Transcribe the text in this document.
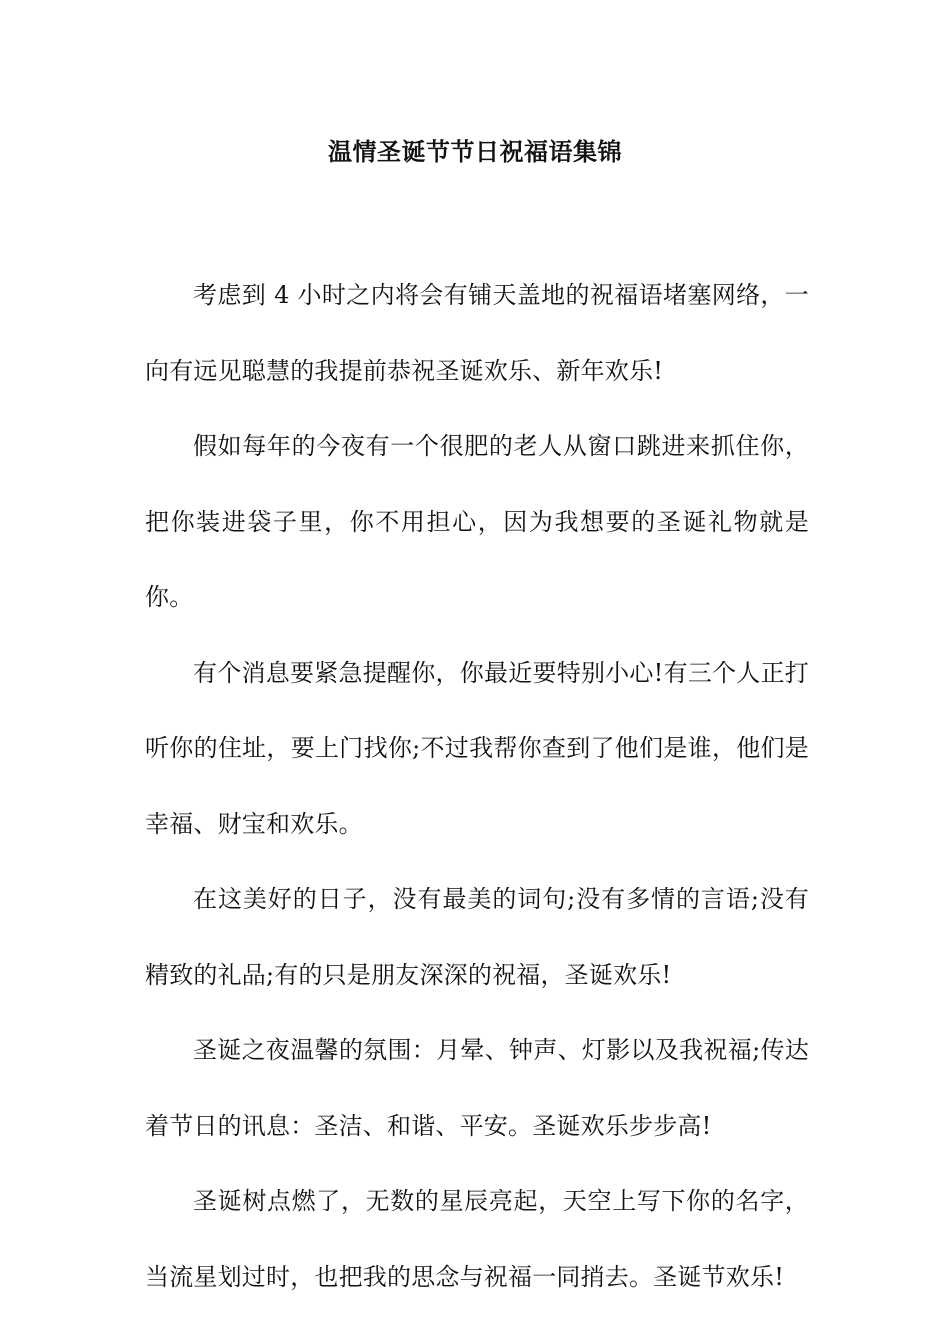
温情圣诞节节日祝福语集锦

考虑到 4 小时之内将会有铺天盖地的祝福语堵塞网络，一向有远见聪慧的我提前恭祝圣诞欢乐、新年欢乐!

假如每年的今夜有一个很肥的老人从窗口跳进来抓住你，把你装进袋子里，你不用担心，因为我想要的圣诞礼物就是你。

有个消息要紧急提醒你，你最近要特别小心!有三个人正打听你的住址，要上门找你;不过我帮你查到了他们是谁，他们是幸福、财宝和欢乐。

在这美好的日子，没有最美的词句;没有多情的言语;没有精致的礼品;有的只是朋友深深的祝福，圣诞欢乐!

圣诞之夜温馨的氛围：月晕、钟声、灯影以及我祝福;传达着节日的讯息：圣洁、和谐、平安。圣诞欢乐步步高!

圣诞树点燃了，无数的星辰亮起，天空上写下你的名字，当流星划过时，也把我的思念与祝福一同捎去。圣诞节欢乐!
